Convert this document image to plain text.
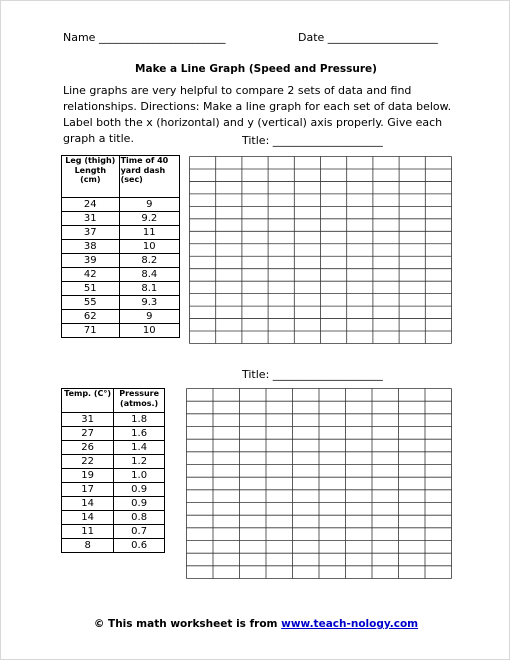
Name _______________________	Date ____________________
Make a Line Graph (Speed and Pressure)
Line graphs are very helpful to compare 2 sets of data and find relationships. Directions: Make a line graph for each set of data below. Label both the x (horizontal) and y (vertical) axis properly. Give each graph a title.	Title: ____________________
Leg (thigh) Length (cm)	Time of 40 yard dash (sec)
24	9
31	9.2
37	11
38	10
39	8.2
42	8.4
51	8.1
55	9.3
62	9
71	10
Title: ____________________
Temp. (C°)	Pressure (atmos.)
31	1.8
27	1.6
26	1.4
22	1.2
19	1.0
17	0.9
14	0.9
14	0.8
11	0.7
8	0.6
© This math worksheet is from www.teach-nology.com
